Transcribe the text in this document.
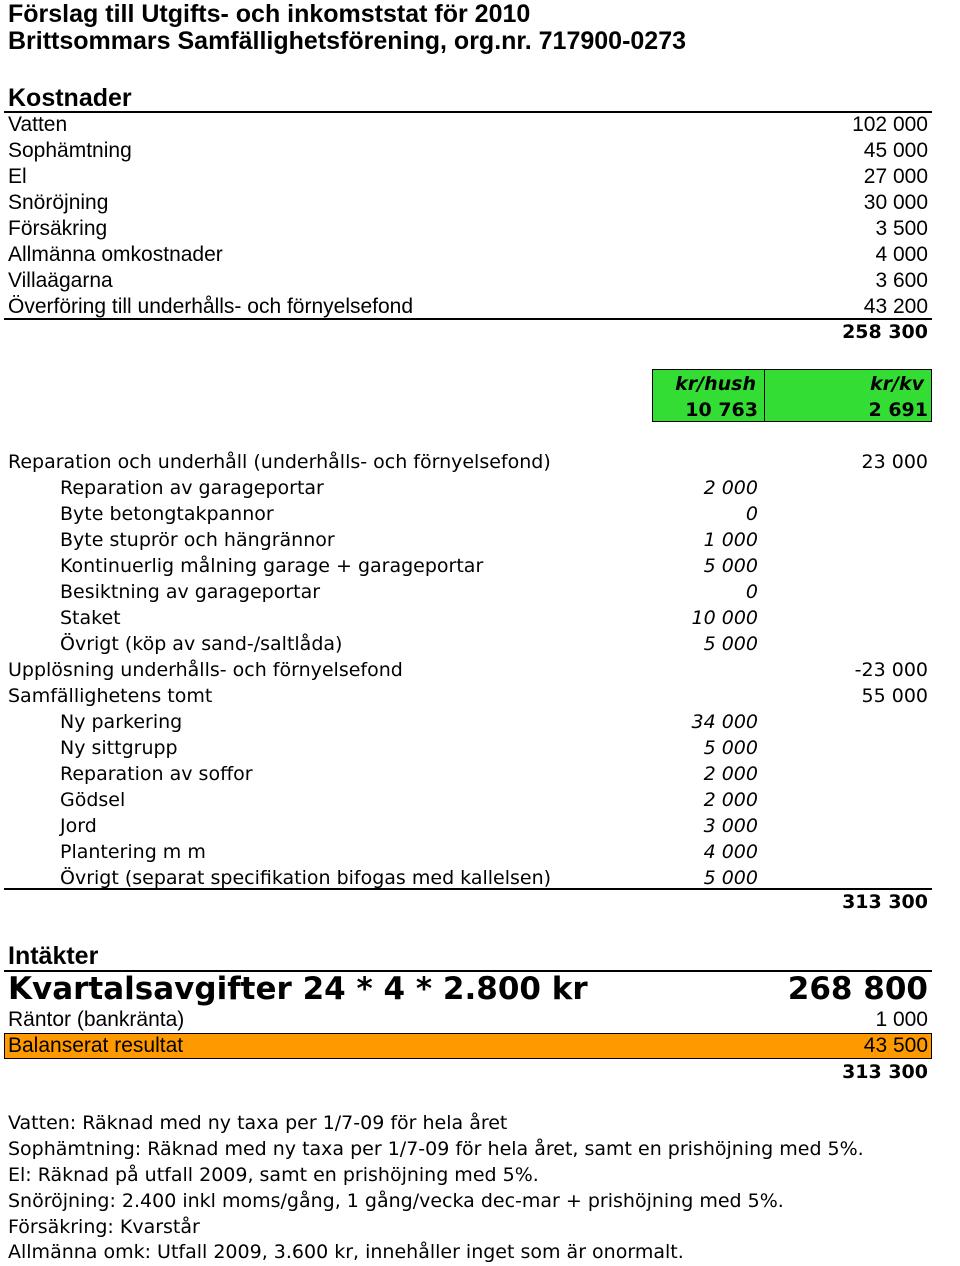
Förslag till Utgifts- och inkomststat för 2010
Brittsommars Samfällighetsförening, org.nr. 717900-0273
Kostnader
Vatten	102 000
Sophämtning	45 000
El	27 000
Snöröjning	30 000
Försäkring	3 500
Allmänna omkostnader	4 000
Villaägarna	3 600
Överföring till underhålls- och förnyelsefond	43 200
258 300
kr/hush
10 763
kr/kv
2 691
Reparation och underhåll (underhålls- och förnyelsefond)	23 000
Reparation av garageportar	2 000
Byte betongtakpannor	0
Byte stuprör och hängrännor	1 000
Kontinuerlig målning garage + garageportar	5 000
Besiktning av garageportar	0
Staket	10 000
Övrigt (köp av sand-/saltlåda)	5 000
Upplösning underhålls- och förnyelsefond	-23 000
Samfällighetens tomt	55 000
Ny parkering	34 000
Ny sittgrupp	5 000
Reparation av soffor	2 000
Gödsel	2 000
Jord	3 000
Plantering m m	4 000
Övrigt (separat specifikation bifogas med kallelsen)	5 000
313 300
Intäkter
Kvartalsavgifter 24 * 4 * 2.800 kr	268 800
Räntor (bankränta)	1 000
Balanserat resultat	43 500
313 300
Vatten: Räknad med ny taxa per 1/7-09 för hela året
Sophämtning: Räknad med ny taxa per 1/7-09 för hela året, samt en prishöjning med 5%.
El: Räknad på utfall 2009, samt en prishöjning med 5%.
Snöröjning: 2.400 inkl moms/gång, 1 gång/vecka dec-mar + prishöjning med 5%.
Försäkring: Kvarstår
Allmänna omk: Utfall 2009, 3.600 kr, innehåller inget som är onormalt.
